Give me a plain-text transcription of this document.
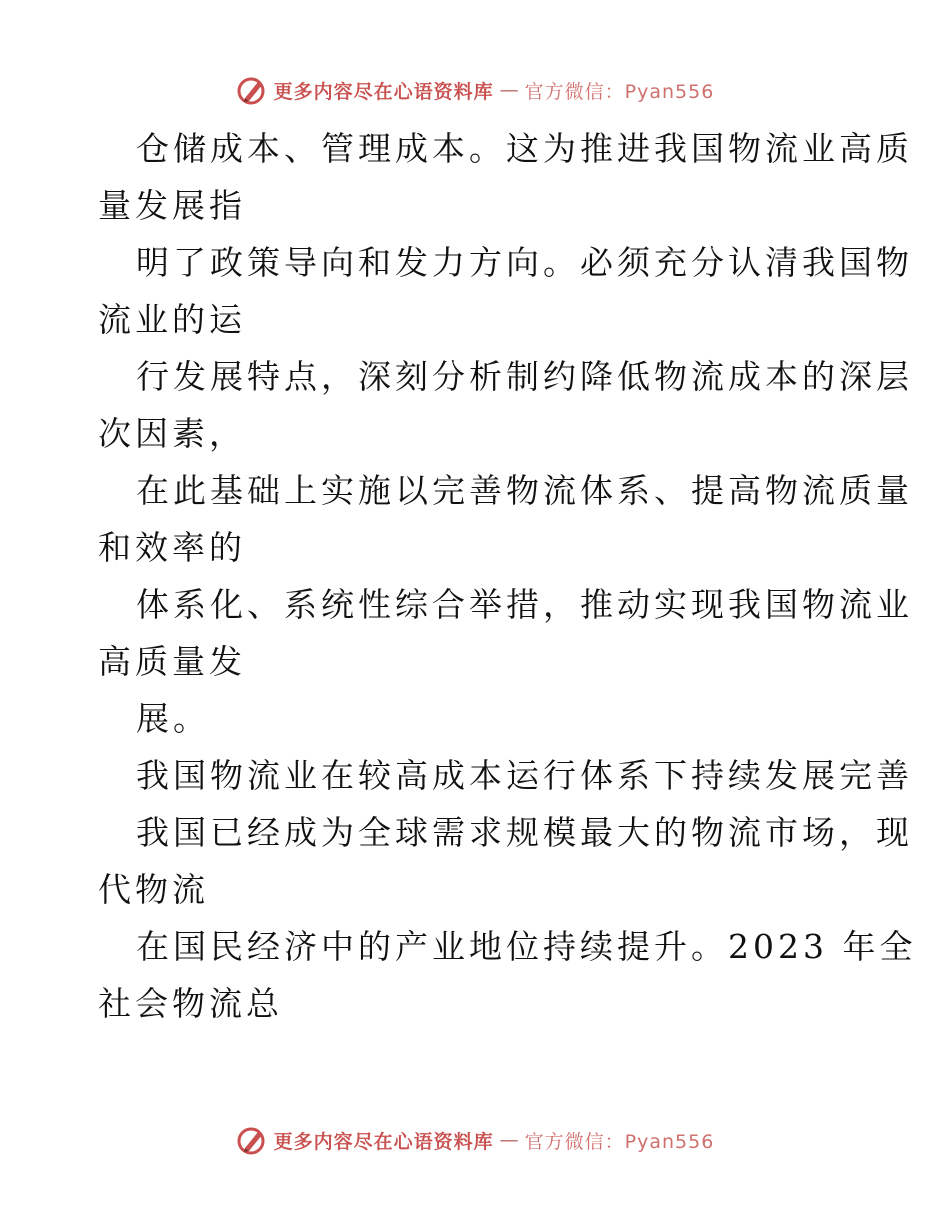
更多内容尽在心语资料库 — 官方微信：Pyan556

仓储成本、管理成本。这为推进我国物流业高质
量发展指

明了政策导向和发力方向。必须充分认清我国物
流业的运

行发展特点，深刻分析制约降低物流成本的深层
次因素，

在此基础上实施以完善物流体系、提高物流质量
和效率的

体系化、系统性综合举措，推动实现我国物流业
高质量发

展。

我国物流业在较高成本运行体系下持续发展完善

我国已经成为全球需求规模最大的物流市场，现
代物流

在国民经济中的产业地位持续提升。2023 年全
社会物流总

更多内容尽在心语资料库 — 官方微信：Pyan556
